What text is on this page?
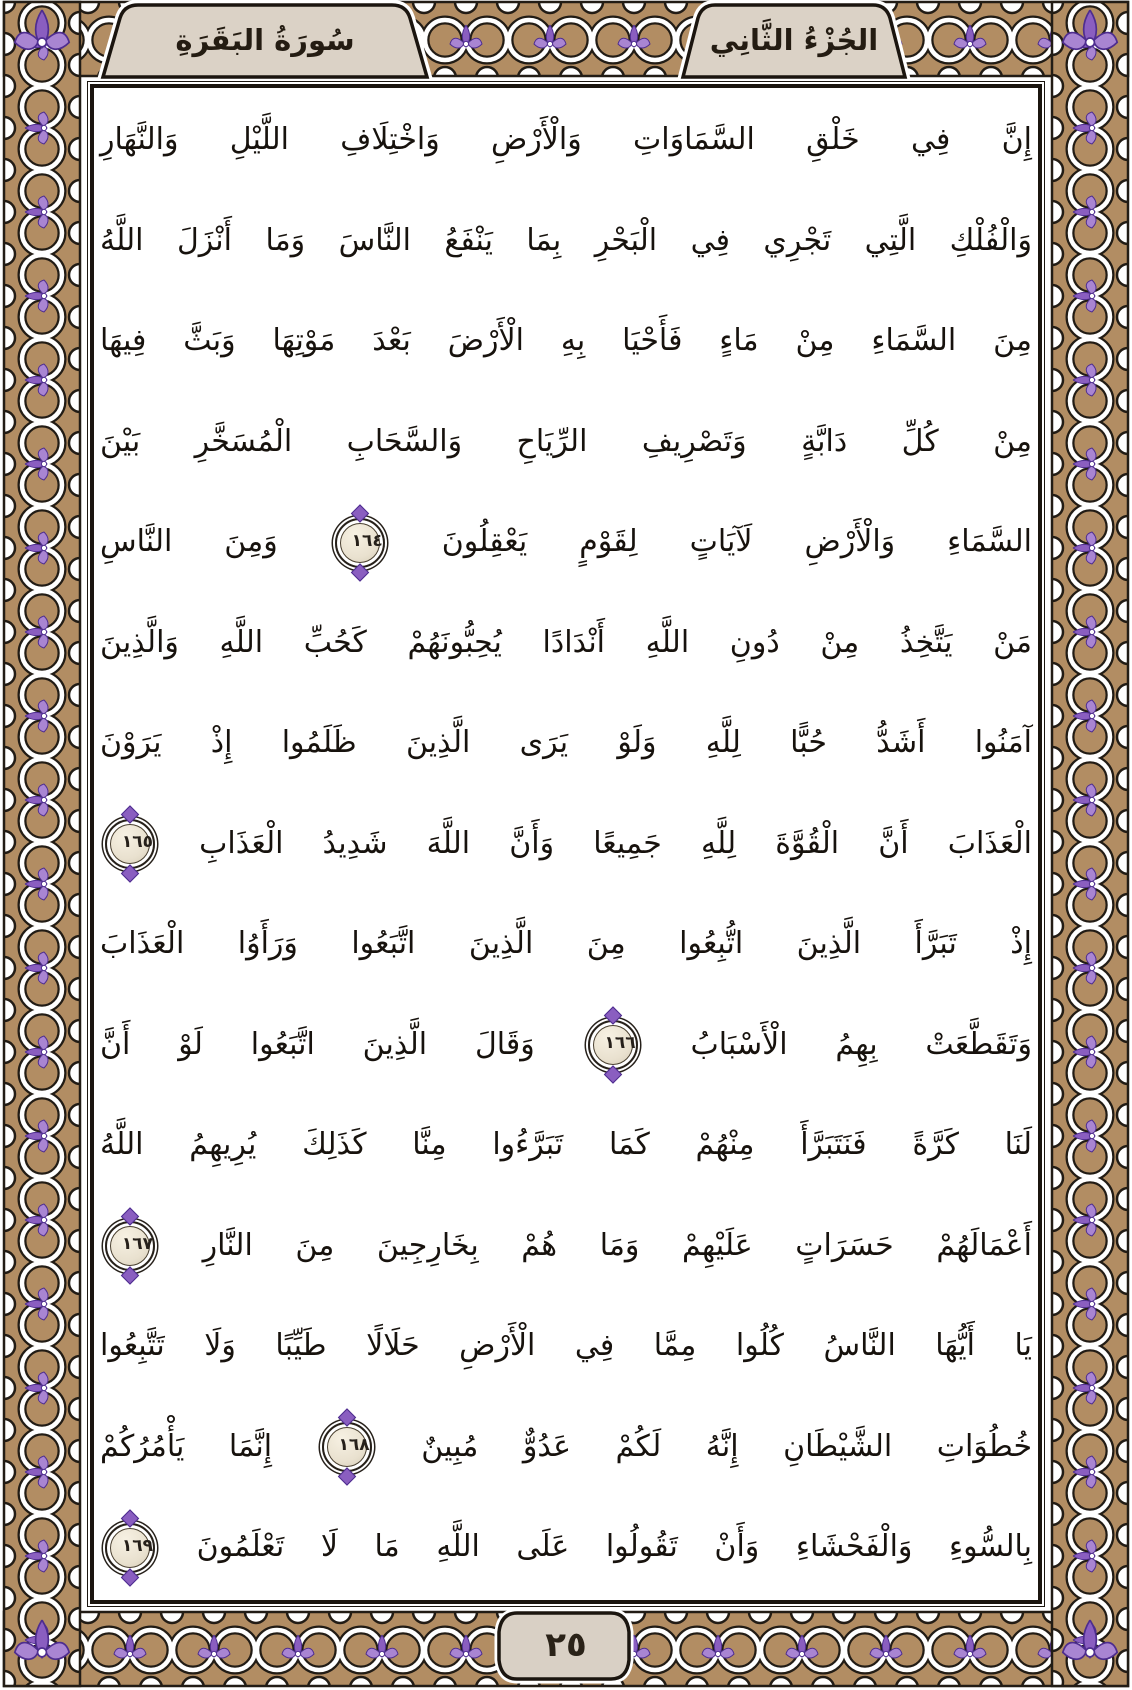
سُورَةُ البَقَرَةِ	الجُزْءُ الثَّانِي
إِنَّ فِي خَلْقِ السَّمَاوَاتِ وَالْأَرْضِ وَاخْتِلَافِ اللَّيْلِ وَالنَّهَارِ
وَالْفُلْكِ الَّتِي تَجْرِي فِي الْبَحْرِ بِمَا يَنْفَعُ النَّاسَ وَمَا أَنْزَلَ اللَّهُ
مِنَ السَّمَاءِ مِنْ مَاءٍ فَأَحْيَا بِهِ الْأَرْضَ بَعْدَ مَوْتِهَا وَبَثَّ فِيهَا
مِنْ كُلِّ دَابَّةٍ وَتَصْرِيفِ الرِّيَاحِ وَالسَّحَابِ الْمُسَخَّرِ بَيْنَ
السَّمَاءِ وَالْأَرْضِ لَآيَاتٍ لِقَوْمٍ يَعْقِلُونَ
١٦٤
وَمِنَ النَّاسِ
مَنْ يَتَّخِذُ مِنْ دُونِ اللَّهِ أَنْدَادًا يُحِبُّونَهُمْ كَحُبِّ اللَّهِ وَالَّذِينَ
آمَنُوا أَشَدُّ حُبًّا لِلَّهِ وَلَوْ يَرَى الَّذِينَ ظَلَمُوا إِذْ يَرَوْنَ
الْعَذَابَ أَنَّ الْقُوَّةَ لِلَّهِ جَمِيعًا وَأَنَّ اللَّهَ شَدِيدُ الْعَذَابِ
١٦٥
إِذْ تَبَرَّأَ الَّذِينَ اتُّبِعُوا مِنَ الَّذِينَ اتَّبَعُوا وَرَأَوُا الْعَذَابَ
وَتَقَطَّعَتْ بِهِمُ الْأَسْبَابُ
١٦٦
وَقَالَ الَّذِينَ اتَّبَعُوا لَوْ أَنَّ
لَنَا كَرَّةً فَنَتَبَرَّأَ مِنْهُمْ كَمَا تَبَرَّءُوا مِنَّا كَذَلِكَ يُرِيهِمُ اللَّهُ
أَعْمَالَهُمْ حَسَرَاتٍ عَلَيْهِمْ وَمَا هُمْ بِخَارِجِينَ مِنَ النَّارِ
١٦٧
يَا أَيُّهَا النَّاسُ كُلُوا مِمَّا فِي الْأَرْضِ حَلَالًا طَيِّبًا وَلَا تَتَّبِعُوا
خُطُوَاتِ الشَّيْطَانِ إِنَّهُ لَكُمْ عَدُوٌّ مُبِينٌ
١٦٨
إِنَّمَا يَأْمُرُكُمْ
بِالسُّوءِ وَالْفَحْشَاءِ وَأَنْ تَقُولُوا عَلَى اللَّهِ مَا لَا تَعْلَمُونَ
١٦٩
٢٥
